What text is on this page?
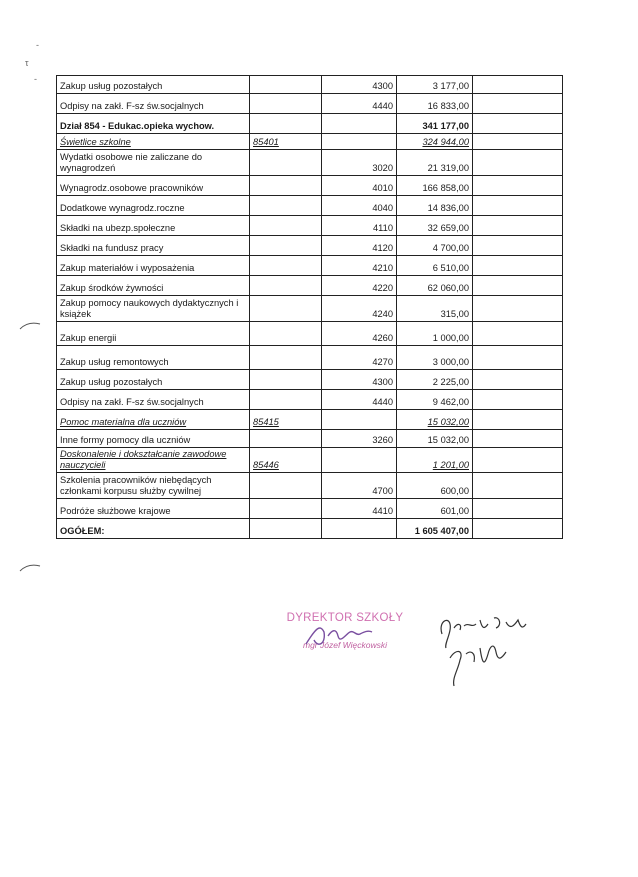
-
τ
-
Zakup usług pozostałych		4300	3 177,00	
Odpisy na zakł. F-sz św.socjalnych		4440	16 833,00	
Dział 854 - Edukac.opieka wychow.			341 177,00	
Świetlice szkolne	85401		324 944,00	
Wydatki osobowe nie zaliczane do wynagrodzeń		3020	21 319,00	
Wynagrodz.osobowe pracowników		4010	166 858,00	
Dodatkowe wynagrodz.roczne		4040	14 836,00	
Składki na ubezp.społeczne		4110	32 659,00	
Składki na fundusz pracy		4120	4 700,00	
Zakup materiałów i wyposażenia		4210	6 510,00	
Zakup środków żywności		4220	62 060,00	
Zakup pomocy naukowych dydaktycznych i książek		4240	315,00	
Zakup energii		4260	1 000,00	
Zakup usług remontowych		4270	3 000,00	
Zakup usług pozostałych		4300	2 225,00	
Odpisy na zakł. F-sz św.socjalnych		4440	9 462,00	
Pomoc materialna dla uczniów	85415		15 032,00	
Inne formy pomocy dla uczniów		3260	15 032,00	
Doskonalenie i dokształcanie zawodowe nauczycieli	85446		1 201,00	
Szkolenia pracowników niebędących członkami korpusu służby cywilnej		4700	600,00	
Podróże służbowe krajowe		4410	601,00	
OGÓŁEM:			1 605 407,00	
DYREKTOR SZKOŁY
mgr Józef Więckowski
